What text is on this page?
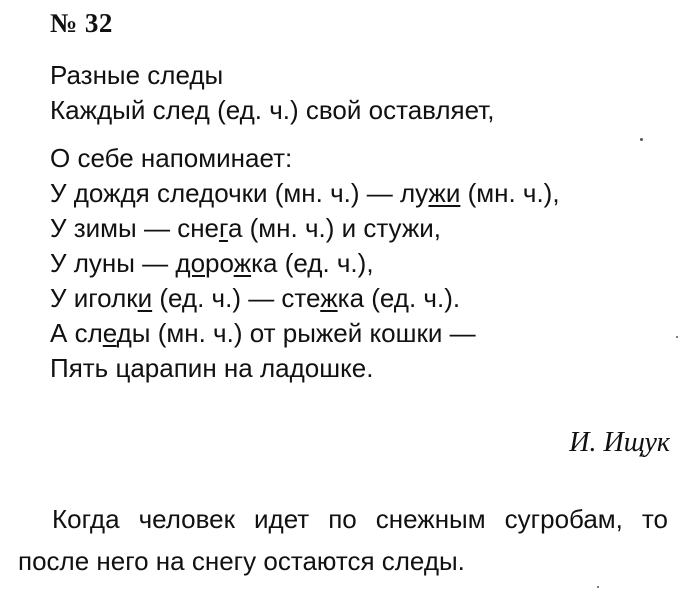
№ 32
Разные следы
Каждый след (ед. ч.) свой оставляет,
О себе напоминает:
У дождя следочки (мн. ч.) — лужи (мн. ч.),
У зимы — снега (мн. ч.) и стужи,
У луны — дорожка (ед. ч.),
У иголки (ед. ч.) — стежка (ед. ч.).
А следы (мн. ч.) от рыжей кошки —
Пять царапин на ладошке.
И. Ищук
Когда человек идет по снежным сугробам, то
после него на снегу остаются следы.
